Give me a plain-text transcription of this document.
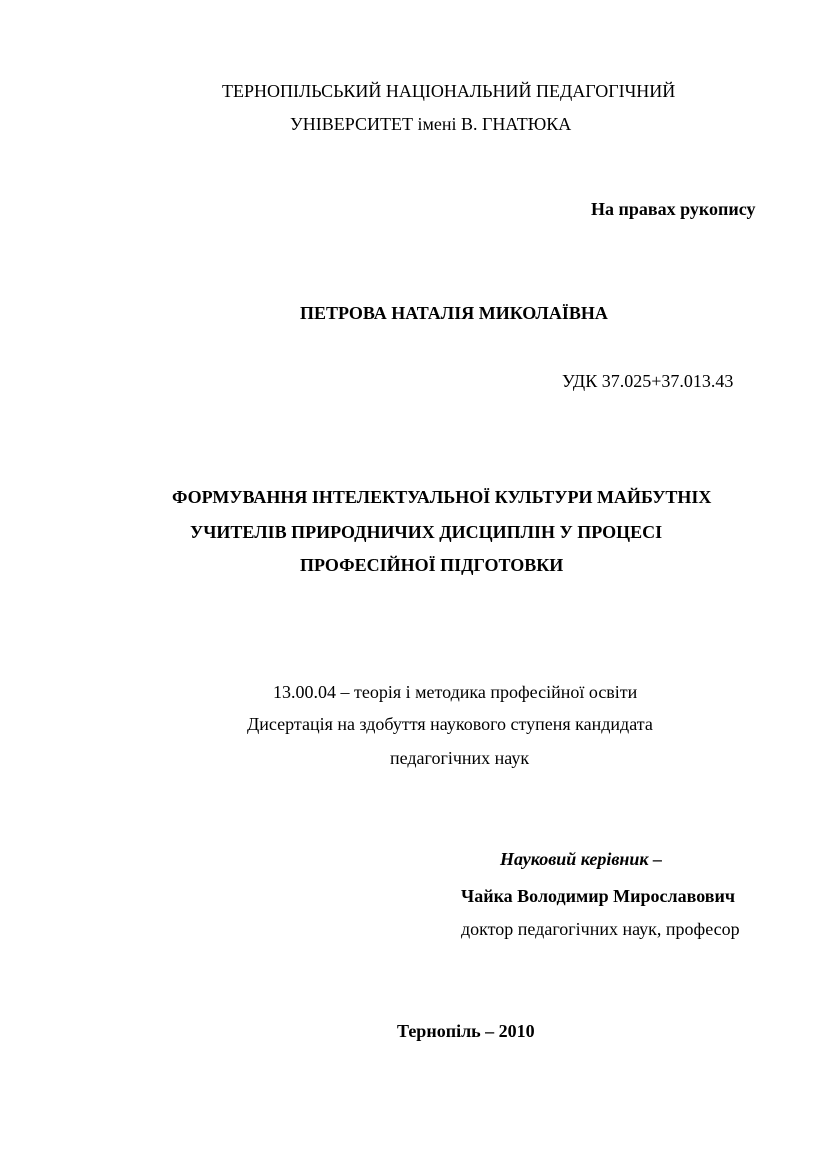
ТЕРНОПІЛЬСЬКИЙ НАЦІОНАЛЬНИЙ ПЕДАГОГІЧНИЙ
УНІВЕРСИТЕТ імені В. ГНАТЮКА
На правах рукопису
ПЕТРОВА НАТАЛІЯ МИКОЛАЇВНА
УДК 37.025+37.013.43
ФОРМУВАННЯ ІНТЕЛЕКТУАЛЬНОЇ КУЛЬТУРИ МАЙБУТНІХ
УЧИТЕЛІВ ПРИРОДНИЧИХ ДИСЦИПЛІН У ПРОЦЕСІ
ПРОФЕСІЙНОЇ ПІДГОТОВКИ
13.00.04 – теорія і методика професійної освіти
Дисертація на здобуття наукового ступеня кандидата
педагогічних наук
Науковий керівник –
Чайка Володимир Мирославович
доктор педагогічних наук, професор
Тернопіль – 2010
